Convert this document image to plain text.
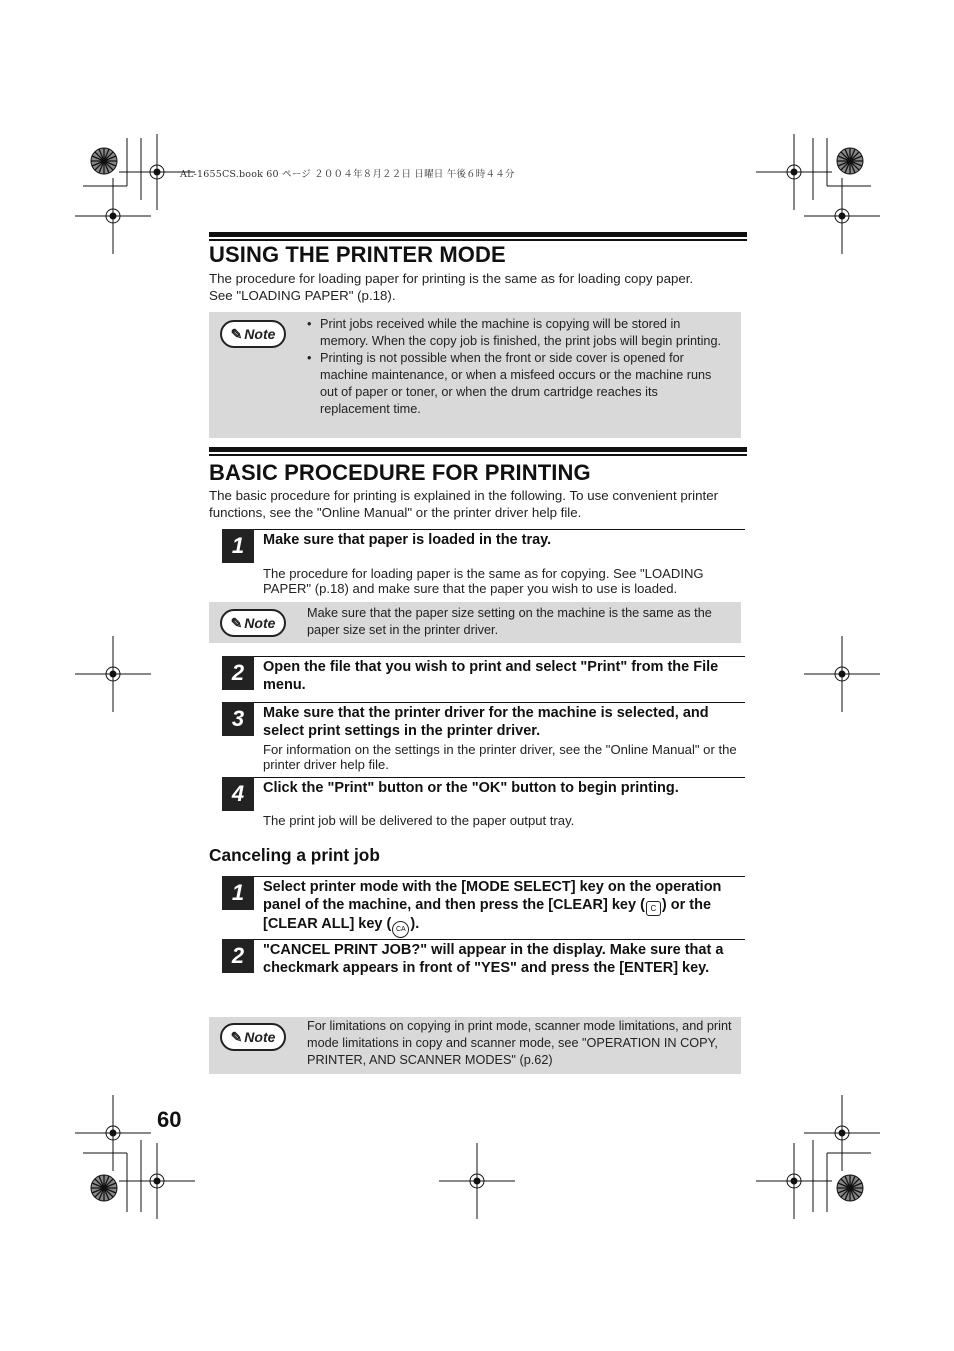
AL-1655CS.book 60 ページ ２００４年８月２２日 日曜日 午後６時４４分
USING THE PRINTER MODE
The procedure for loading paper for printing is the same as for loading copy paper.
See "LOADING PAPER" (p.18).
✎ Note
• Print jobs received while the machine is copying will be stored in memory. When the copy job is finished, the print jobs will begin printing.
• Printing is not possible when the front or side cover is opened for machine maintenance, or when a misfeed occurs or the machine runs out of paper or toner, or when the drum cartridge reaches its replacement time.
BASIC PROCEDURE FOR PRINTING
The basic procedure for printing is explained in the following. To use convenient printer functions, see the "Online Manual" or the printer driver help file.
1	Make sure that paper is loaded in the tray.
The procedure for loading paper is the same as for copying. See "LOADING PAPER" (p.18) and make sure that the paper you wish to use is loaded.
✎ Note
Make sure that the paper size setting on the machine is the same as the paper size set in the printer driver.
2	Open the file that you wish to print and select "Print" from the File menu.
3	Make sure that the printer driver for the machine is selected, and select print settings in the printer driver.
For information on the settings in the printer driver, see the "Online Manual" or the printer driver help file.
4	Click the "Print" button or the "OK" button to begin printing.
The print job will be delivered to the paper output tray.
Canceling a print job
1	Select printer mode with the [MODE SELECT] key on the operation panel of the machine, and then press the [CLEAR] key ( C ) or the [CLEAR ALL] key ( CA ).
2	"CANCEL PRINT JOB?" will appear in the display. Make sure that a checkmark appears in front of "YES" and press the [ENTER] key.
✎ Note
For limitations on copying in print mode, scanner mode limitations, and print mode limitations in copy and scanner mode, see "OPERATION IN COPY, PRINTER, AND SCANNER MODES" (p.62)
60
